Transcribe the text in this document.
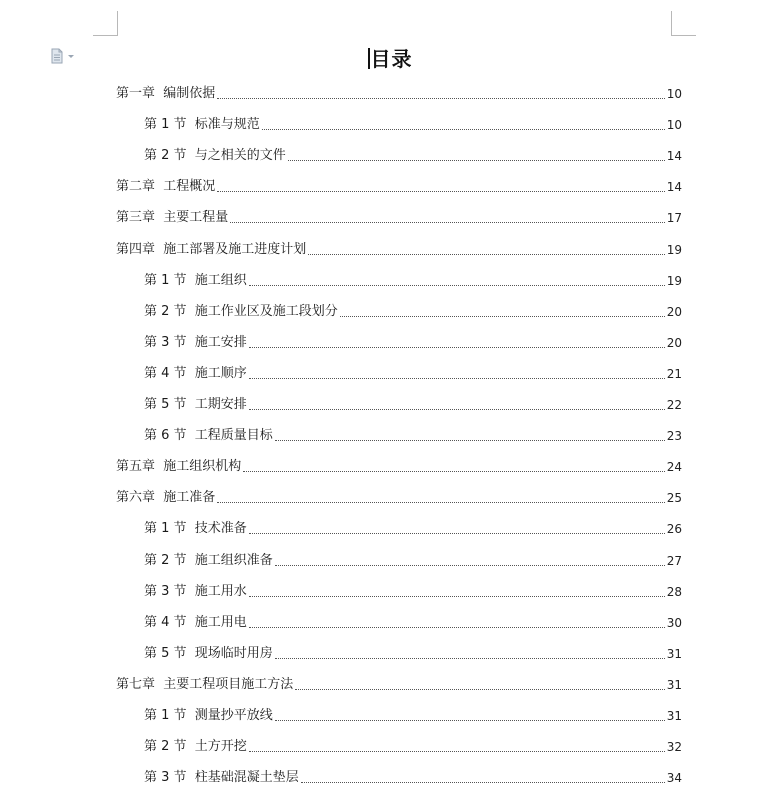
目录
第一章  编制依据	10
第 1 节  标准与规范	10
第 2 节  与之相关的文件	14
第二章  工程概况	14
第三章  主要工程量	17
第四章  施工部署及施工进度计划	19
第 1 节  施工组织	19
第 2 节  施工作业区及施工段划分	20
第 3 节  施工安排	20
第 4 节  施工顺序	21
第 5 节  工期安排	22
第 6 节  工程质量目标	23
第五章  施工组织机构	24
第六章  施工准备	25
第 1 节  技术准备	26
第 2 节  施工组织准备	27
第 3 节  施工用水	28
第 4 节  施工用电	30
第 5 节  现场临时用房	31
第七章  主要工程项目施工方法	31
第 1 节  测量抄平放线	31
第 2 节  土方开挖	32
第 3 节  柱基础混凝土垫层	34
